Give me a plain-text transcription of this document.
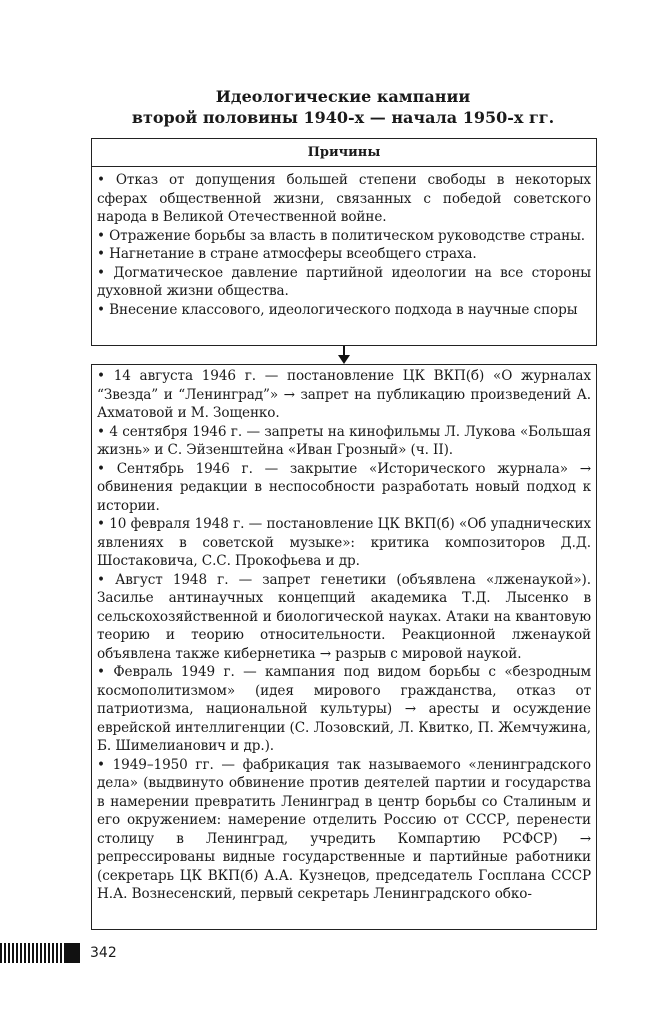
Идеологические кампании
второй половины 1940-х — начала 1950-х гг.
Причины
• Отказ от допущения большей степени свободы в некоторых сферах общественной жизни, связанных с победой советского народа в Великой Отечественной войне.
• Отражение борьбы за власть в политическом руководстве страны.
• Нагнетание в стране атмосферы всеобщего страха.
• Догматическое давление партийной идеологии на все стороны духовной жизни общества.
• Внесение классового, идеологического подхода в научные споры
• 14 августа 1946 г. — постановление ЦК ВКП(б) «О журналах “Звезда” и “Ленинград”» → запрет на публикацию произведений А. Ахматовой и М. Зощенко.
• 4 сентября 1946 г. — запреты на кинофильмы Л. Лукова «Большая жизнь» и С. Эйзенштейна «Иван Грозный» (ч. II).
• Сентябрь 1946 г. — закрытие «Исторического журнала» → обвинения редакции в неспособности разработать новый подход к истории.
• 10 февраля 1948 г. — постановление ЦК ВКП(б) «Об упаднических явлениях в советской музыке»: критика композиторов Д.Д. Шостаковича, С.С. Прокофьева и др.
• Август 1948 г. — запрет генетики (объявлена «лженаукой»). Засилье антинаучных концепций академика Т.Д. Лысенко в сельскохозяйственной и биологической науках. Атаки на квантовую теорию и теорию относительности. Реакционной лженаукой объявлена также кибернетика → разрыв с мировой наукой.
• Февраль 1949 г. — кампания под видом борьбы с «безродным космополитизмом» (идея мирового гражданства, отказ от патриотизма, национальной культуры) → аресты и осуждение еврейской интеллигенции (С. Лозовский, Л. Квитко, П. Жемчужина, Б. Шимелианович и др.).
• 1949–1950 гг. — фабрикация так называемого «ленинградского дела» (выдвинуто обвинение против деятелей партии и государства в намерении превратить Ленинград в центр борьбы со Сталиным и его окружением: намерение отделить Россию от СССР, перенести столицу в Ленинград, учредить Компартию РСФСР) → репрессированы видные государственные и партийные работники (секретарь ЦК ВКП(б) А.А. Кузнецов, председатель Госплана СССР Н.А. Вознесенский, первый секретарь Ленинградского обко-
342
